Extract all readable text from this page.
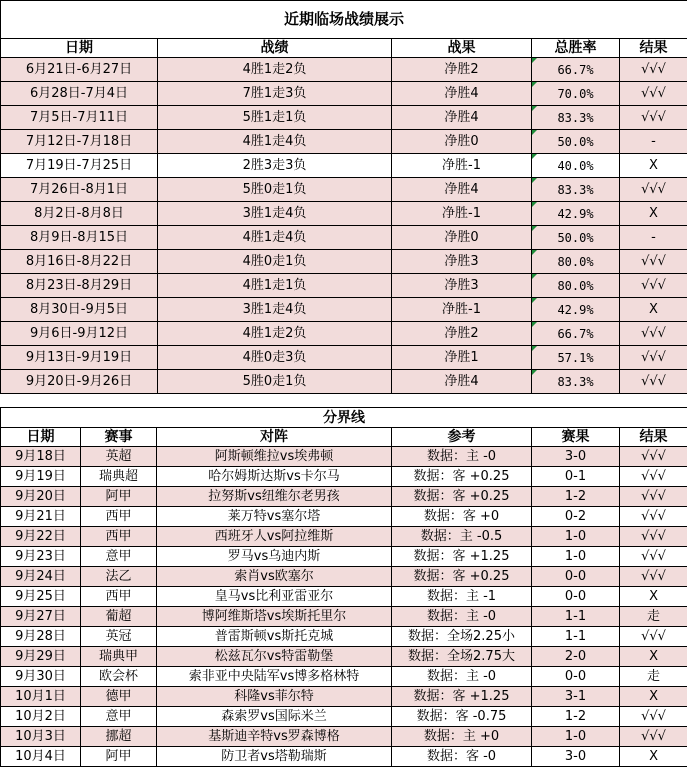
近期临场战绩展示				
日期	战绩	战果	总胜率	结果
6月21日-6月27日	4胜1走2负	净胜2	66.7%	√√√
6月28日-7月4日	7胜1走3负	净胜4	70.0%	√√√
7月5日-7月11日	5胜1走1负	净胜4	83.3%	√√√
7月12日-7月18日	4胜1走4负	净胜0	50.0%	-
7月19日-7月25日	2胜3走3负	净胜-1	40.0%	X
7月26日-8月1日	5胜0走1负	净胜4	83.3%	√√√
8月2日-8月8日	3胜1走4负	净胜-1	42.9%	X
8月9日-8月15日	4胜1走4负	净胜0	50.0%	-
8月16日-8月22日	4胜0走1负	净胜3	80.0%	√√√
8月23日-8月29日	4胜1走1负	净胜3	80.0%	√√√
8月30日-9月5日	3胜1走4负	净胜-1	42.9%	X
9月6日-9月12日	4胜1走2负	净胜2	66.7%	√√√
9月13日-9月19日	4胜0走3负	净胜1	57.1%	√√√
9月20日-9月26日	5胜0走1负	净胜4	83.3%	√√√
分界线					
日期	赛事	对阵	参考	赛果	结果
9月18日	英超	阿斯顿维拉vs埃弗顿	数据：主 -0	3-0	√√√
9月19日	瑞典超	哈尔姆斯达斯vs卡尔马	数据：客 +0.25	0-1	√√√
9月20日	阿甲	拉努斯vs纽维尔老男孩	数据：客 +0.25	1-2	√√√
9月21日	西甲	莱万特vs塞尔塔	数据：客 +0	0-2	√√√
9月22日	西甲	西班牙人vs阿拉维斯	数据：主 -0.5	1-0	√√√
9月23日	意甲	罗马vs乌迪内斯	数据：客 +1.25	1-0	√√√
9月24日	法乙	索肖vs欧塞尔	数据：客 +0.25	0-0	√√√
9月25日	西甲	皇马vs比利亚雷亚尔	数据：主 -1	0-0	X
9月27日	葡超	博阿维斯塔vs埃斯托里尔	数据：主 -0	1-1	走
9月28日	英冠	普雷斯顿vs斯托克城	数据：全场2.25小	1-1	√√√
9月29日	瑞典甲	松兹瓦尔vs特雷勒堡	数据：全场2.75大	2-0	X
9月30日	欧会杯	索非亚中央陆军vs博多格林特	数据：主 -0	0-0	走
10月1日	德甲	科隆vs菲尔特	数据：客 +1.25	3-1	X
10月2日	意甲	森索罗vs国际米兰	数据：客 -0.75	1-2	√√√
10月3日	挪超	基斯迪辛特vs罗森博格	数据：主 +0	1-0	√√√
10月4日	阿甲	防卫者vs塔勒瑞斯	数据：客 -0	3-0	X
